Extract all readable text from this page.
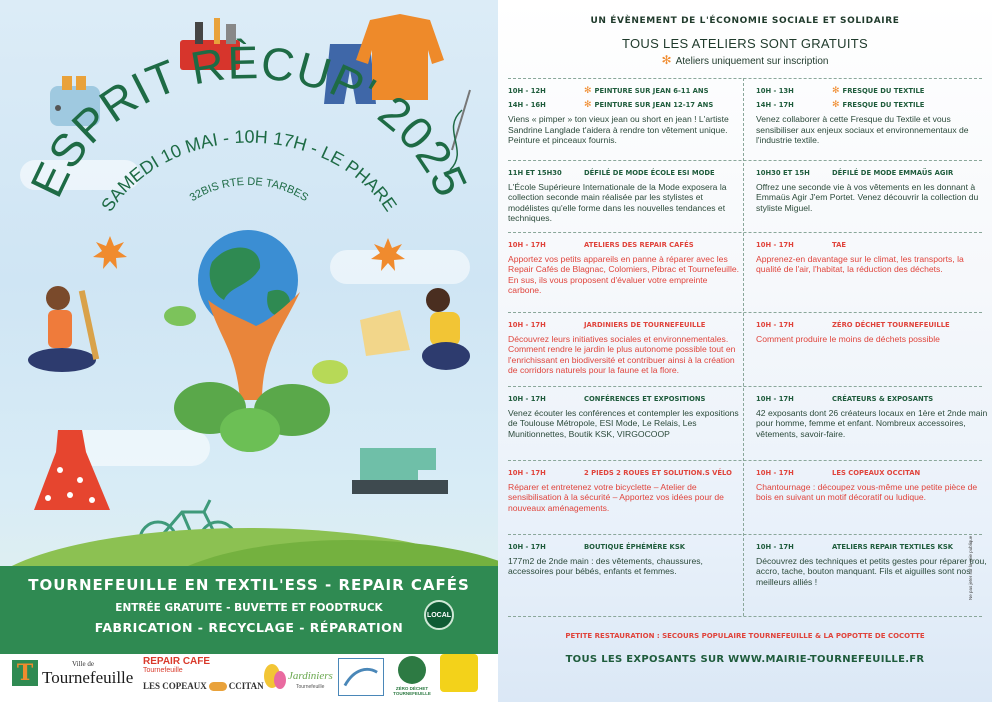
ESPRIT RÈCUP' 2025
SAMEDI 10 MAI - 10H 17H - LE PHARE
32BIS RTE DE TARBES
TOURNEFEUILLE EN TEXTIL'ESS - REPAIR CAFÉS
ENTRÉE GRATUITE - BUVETTE ET FOODTRUCK
FABRICATION - RECYCLAGE - RÉPARATION
LOCAL
T	Ville de
Tournefeuille
REPAIR CAFE
Tournefeuille
LES COPEAUX CCITAN
Jardiniers
Tournefeuille	ZÉRO DÉCHET TOURNEFEUILLE
UN ÉVÈNEMENT DE L'ÉCONOMIE SOCIALE ET SOLIDAIRE
TOUS LES ATELIERS SONT GRATUITS
✻ Ateliers uniquement sur inscription
10H - 12H	✻ PEINTURE SUR JEAN 6-11 ANS
14H - 16H	✻ PEINTURE SUR JEAN 12-17 ANS
Viens « pimper » ton vieux jean ou short en jean ! L'artiste Sandrine Langlade t'aidera à rendre ton vêtement unique. Peinture et pinceaux fournis.
10H - 13H	✻ FRESQUE DU TEXTILE
14H - 17H	✻ FRESQUE DU TEXTILE
Venez collaborer à cette Fresque du Textile et vous sensibiliser aux enjeux sociaux et environnementaux de l'industrie textile.
11H ET 15H30	DÉFILÉ DE MODE ÉCOLE ESI MODE
L'École Supérieure Internationale de la Mode exposera la collection seconde main réalisée par les stylistes et modélistes qu'elle forme dans les nouvelles tendances et techniques.
10H30 ET 15H	DÉFILÉ DE MODE EMMAÜS AGIR
Offrez une seconde vie à vos vêtements en les donnant à Emmaüs Agir J'em Portet. Venez découvrir la collection du styliste Miguel.
10H - 17H	ATELIERS DES REPAIR CAFÉS
Apportez vos petits appareils en panne à réparer avec les Repair Cafés de Blagnac, Colomiers, Pibrac et Tournefeuille. En sus, ils vous proposent d'évaluer votre empreinte carbone.
10H - 17H	TAE
Apprenez-en davantage sur le climat, les transports, la qualité de l'air, l'habitat, la réduction des déchets.
10H - 17H	JARDINIERS DE TOURNEFEUILLE
Découvrez leurs initiatives sociales et environnementales. Comment rendre le jardin le plus autonome possible tout en l'enrichissant en biodiversité et contribuer ainsi à la création de corridors naturels pour la faune et la flore.
10H - 17H	ZÉRO DÉCHET TOURNEFEUILLE
Comment produire le moins de déchets possible
10H - 17H	CONFÉRENCES ET EXPOSITIONS
Venez écouter les conférences et contempler les expositions de Toulouse Métropole, ESI Mode, Le Relais, Les Munitionnettes, Boutik KSK, VIRGOCOOP
10H - 17H	CRÉATEURS & EXPOSANTS
42 exposants dont 26 créateurs locaux en 1ère et 2nde main pour homme, femme et enfant. Nombreux accessoires, vêtements, savoir-faire.
10H - 17H	2 PIEDS 2 ROUES ET SOLUTION.S VÉLO
Réparer et entretenez votre bicyclette – Atelier de sensibilisation à la sécurité – Apportez vos idées pour de nouveaux aménagements.
10H - 17H	LES COPEAUX OCCITAN
Chantournage : découpez vous-même une petite pièce de bois en suivant un motif décoratif ou ludique.
10H - 17H	BOUTIQUE ÉPHÉMÈRE KSK
177m2 de 2nde main : des vêtements, chaussures, accessoires pour bébés, enfants et femmes.
10H - 17H	ATELIERS REPAIR TEXTILES KSK
Découvrez des techniques et petits gestes pour réparer trou, accro, tache, bouton manquant. Fils et aiguilles sont nos meilleurs alliés !
PETITE RESTAURATION : SECOURS POPULAIRE TOURNEFEUILLE & LA POPOTTE DE COCOTTE
TOUS LES EXPOSANTS SUR WWW.MAIRIE-TOURNEFEUILLE.FR
Ne pas jeter sur la voie publique
